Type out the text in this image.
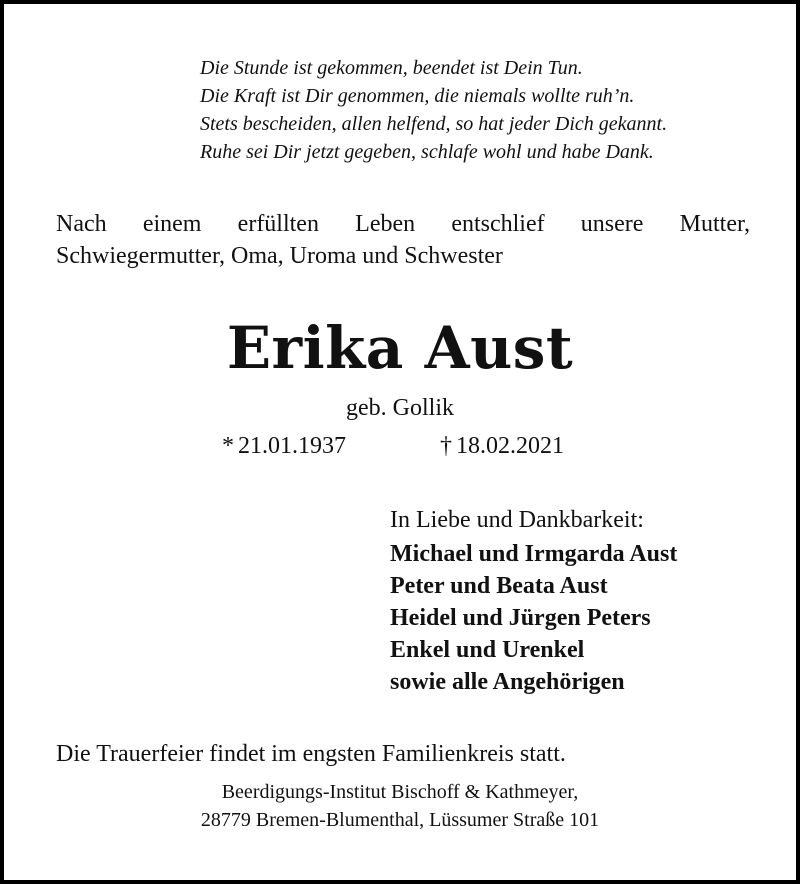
Die Stunde ist gekommen, beendet ist Dein Tun.
Die Kraft ist Dir genommen, die niemals wollte ruh’n.
Stets bescheiden, allen helfend, so hat jeder Dich gekannt.
Ruhe sei Dir jetzt gegeben, schlafe wohl und habe Dank.
Nach einem erfüllten Leben entschlief unsere Mutter,
Schwiegermutter, Oma, Uroma und Schwester
Erika Aust
geb. Gollik
* 21.01.1937	† 18.02.2021
In Liebe und Dankbarkeit:
Michael und Irmgarda Aust
Peter und Beata Aust
Heidel und Jürgen Peters
Enkel und Urenkel
sowie alle Angehörigen
Die Trauerfeier findet im engsten Familienkreis statt.
Beerdigungs-Institut Bischoff & Kathmeyer,
28779 Bremen-Blumenthal, Lüssumer Straße 101
